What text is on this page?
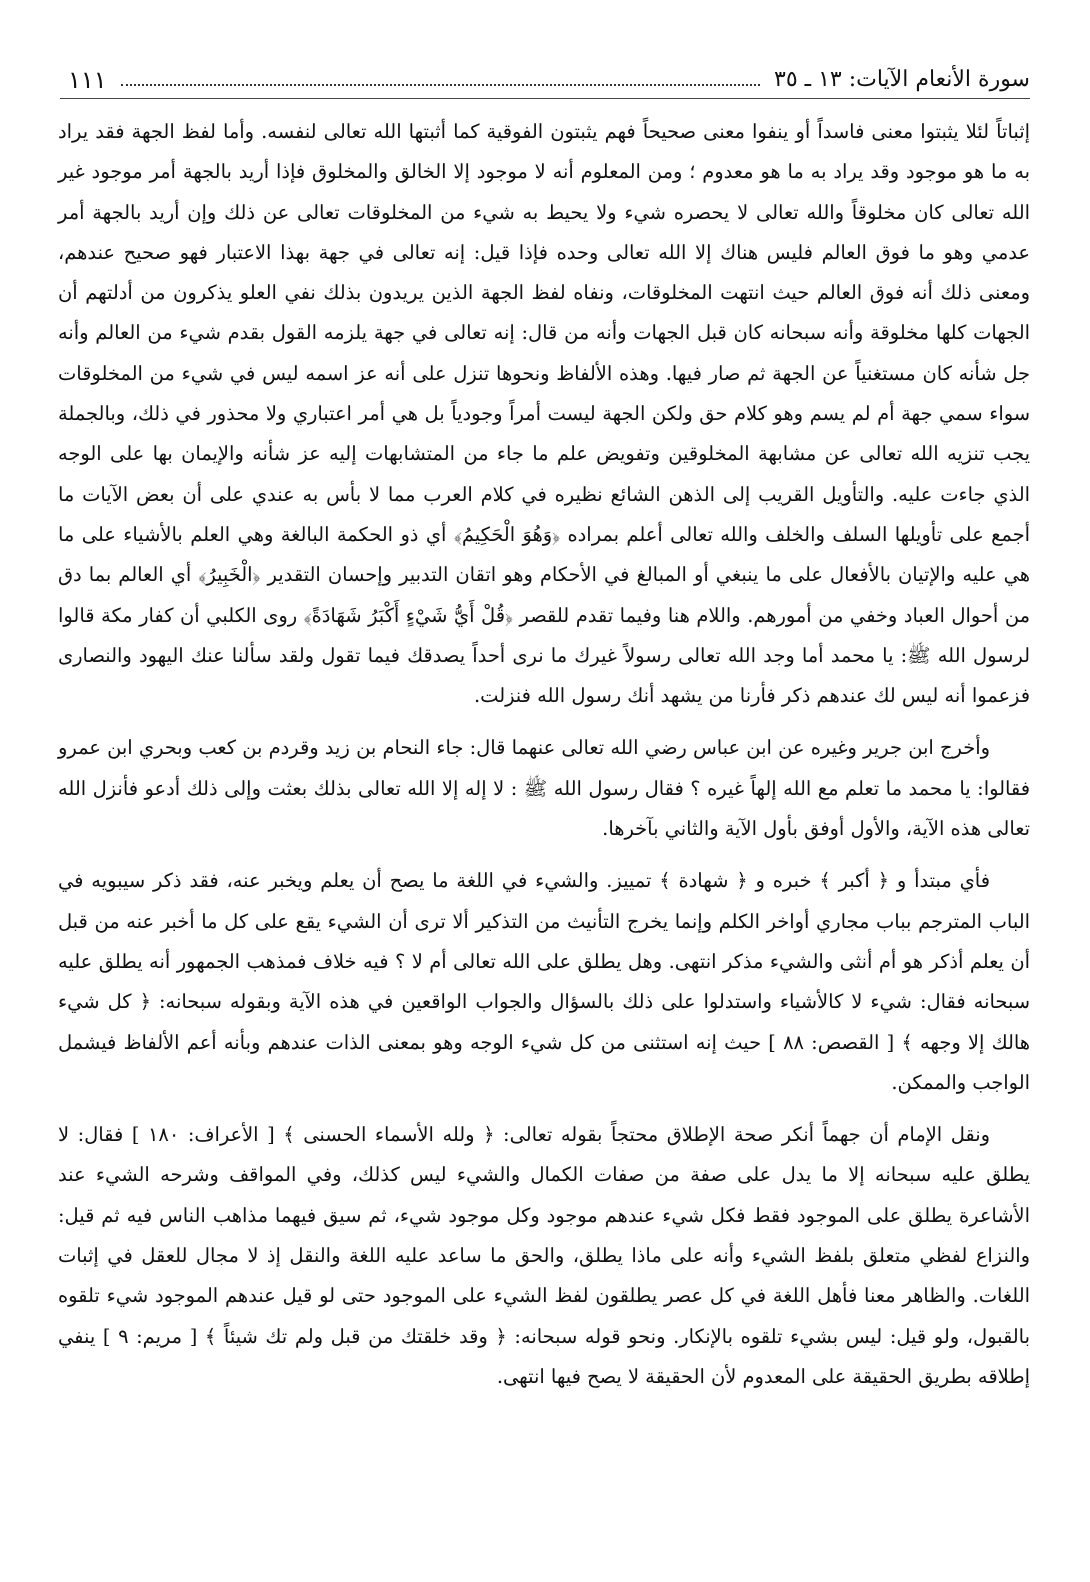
١١١	سورة الأنعام الآيات: ١٣ ـ ٣٥

إثباتاً لئلا يثبتوا معنى فاسداً أو ينفوا معنى صحيحاً فهم يثبتون الفوقية كما أثبتها الله تعالى لنفسه. وأما لفظ الجهة فقد يراد به ما هو موجود وقد يراد به ما هو معدوم ؛ ومن المعلوم أنه لا موجود إلا الخالق والمخلوق فإذا أريد بالجهة أمر موجود غير الله تعالى كان مخلوقاً والله تعالى لا يحصره شيء ولا يحيط به شيء من المخلوقات تعالى عن ذلك وإن أريد بالجهة أمر عدمي وهو ما فوق العالم فليس هناك إلا الله تعالى وحده فإذا قيل: إنه تعالى في جهة بهذا الاعتبار فهو صحيح عندهم، ومعنى ذلك أنه فوق العالم حيث انتهت المخلوقات، ونفاه لفظ الجهة الذين يريدون بذلك نفي العلو يذكرون من أدلتهم أن الجهات كلها مخلوقة وأنه سبحانه كان قبل الجهات وأنه من قال: إنه تعالى في جهة يلزمه القول بقدم شيء من العالم وأنه جل شأنه كان مستغنياً عن الجهة ثم صار فيها. وهذه الألفاظ ونحوها تنزل على أنه عز اسمه ليس في شيء من المخلوقات سواء سمي جهة أم لم يسم وهو كلام حق ولكن الجهة ليست أمراً وجودياً بل هي أمر اعتباري ولا محذور في ذلك، وبالجملة يجب تنزيه الله تعالى عن مشابهة المخلوقين وتفويض علم ما جاء من المتشابهات إليه عز شأنه والإيمان بها على الوجه الذي جاءت عليه. والتأويل القريب إلى الذهن الشائع نظيره في كلام العرب مما لا بأس به عندي على أن بعض الآيات ما أجمع على تأويلها السلف والخلف والله تعالى أعلم بمراده ﴿وَهُوَ الْحَكِيمُ﴾ أي ذو الحكمة البالغة وهي العلم بالأشياء على ما هي عليه والإتيان بالأفعال على ما ينبغي أو المبالغ في الأحكام وهو اتقان التدبير وإحسان التقدير ﴿الْخَبِيرُ﴾ أي العالم بما دق من أحوال العباد وخفي من أمورهم. واللام هنا وفيما تقدم للقصر ﴿قُلْ أَيُّ شَيْءٍ أَكْبَرُ شَهَادَةً﴾ روى الكلبي أن كفار مكة قالوا لرسول الله ﷺ: يا محمد أما وجد الله تعالى رسولاً غيرك ما نرى أحداً يصدقك فيما تقول ولقد سألنا عنك اليهود والنصارى فزعموا أنه ليس لك عندهم ذكر فأرنا من يشهد أنك رسول الله فنزلت.

وأخرج ابن جرير وغيره عن ابن عباس رضي الله تعالى عنهما قال: جاء النحام بن زيد وقردم بن كعب وبحري ابن عمرو فقالوا: يا محمد ما تعلم مع الله إلهاً غيره ؟ فقال رسول الله ﷺ : لا إله إلا الله تعالى بذلك بعثت وإلى ذلك أدعو فأنزل الله تعالى هذه الآية، والأول أوفق بأول الآية والثاني بآخرها.

فأي مبتدأ و ﴿ أكبر ﴾ خبره و ﴿ شهادة ﴾ تمييز. والشيء في اللغة ما يصح أن يعلم ويخبر عنه، فقد ذكر سيبويه في الباب المترجم بباب مجاري أواخر الكلم وإنما يخرج التأنيث من التذكير ألا ترى أن الشيء يقع على كل ما أخبر عنه من قبل أن يعلم أذكر هو أم أنثى والشيء مذكر انتهى. وهل يطلق على الله تعالى أم لا ؟ فيه خلاف فمذهب الجمهور أنه يطلق عليه سبحانه فقال: شيء لا كالأشياء واستدلوا على ذلك بالسؤال والجواب الواقعين في هذه الآية وبقوله سبحانه: ﴿ كل شيء هالك إلا وجهه ﴾ [ القصص: ٨٨ ] حيث إنه استثنى من كل شيء الوجه وهو بمعنى الذات عندهم وبأنه أعم الألفاظ فيشمل الواجب والممكن.

ونقل الإمام أن جهماً أنكر صحة الإطلاق محتجاً بقوله تعالى: ﴿ ولله الأسماء الحسنى ﴾ [ الأعراف: ١٨٠ ] فقال: لا يطلق عليه سبحانه إلا ما يدل على صفة من صفات الكمال والشيء ليس كذلك، وفي المواقف وشرحه الشيء عند الأشاعرة يطلق على الموجود فقط فكل شيء عندهم موجود وكل موجود شيء، ثم سيق فيهما مذاهب الناس فيه ثم قيل: والنزاع لفظي متعلق بلفظ الشيء وأنه على ماذا يطلق، والحق ما ساعد عليه اللغة والنقل إذ لا مجال للعقل في إثبات اللغات. والظاهر معنا فأهل اللغة في كل عصر يطلقون لفظ الشيء على الموجود حتى لو قيل عندهم الموجود شيء تلقوه بالقبول، ولو قيل: ليس بشيء تلقوه بالإنكار. ونحو قوله سبحانه: ﴿ وقد خلقتك من قبل ولم تك شيئاً ﴾ [ مريم: ٩ ] ينفي إطلاقه بطريق الحقيقة على المعدوم لأن الحقيقة لا يصح فيها انتهى.
